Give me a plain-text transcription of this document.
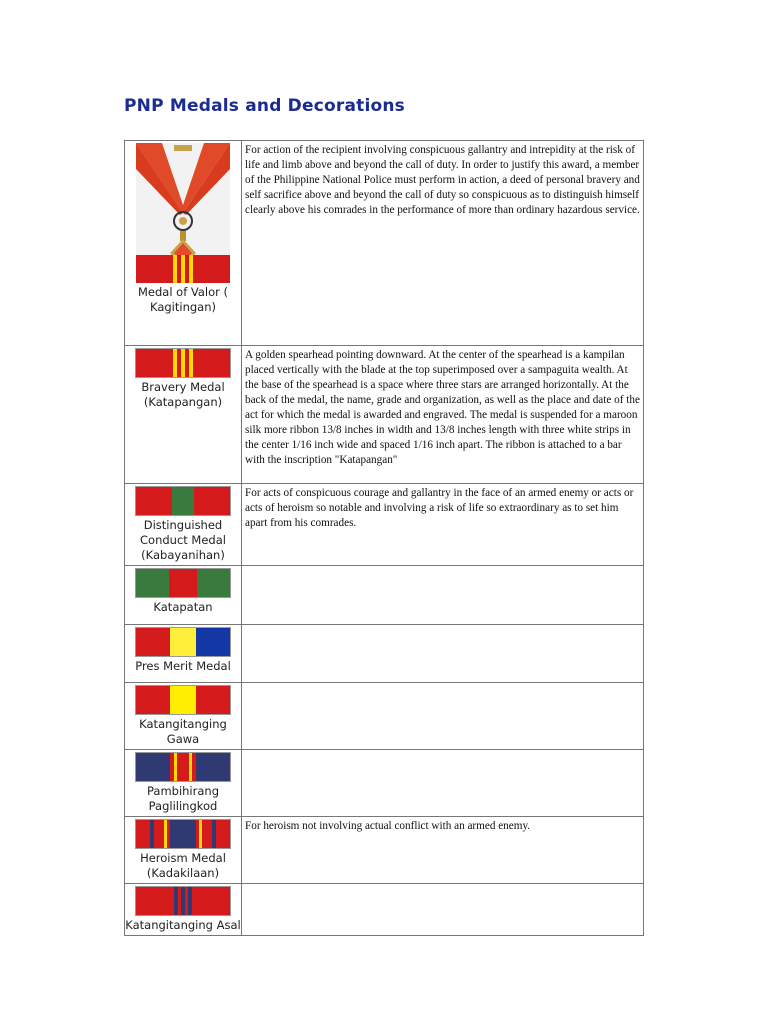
PNP Medals and Decorations
Medal of Valor ( Kagitingan)	For action of the recipient involving conspicuous gallantry and intrepidity at the risk of life and limb above and beyond the call of duty. In order to justify this award, a member of the Philippine National Police must perform in action, a deed of personal bravery and self sacrifice above and beyond the call of duty so conspicuous as to distinguish himself clearly above his comrades in the performance of more than ordinary hazardous service.

Bravery Medal (Katapangan)	A golden spearhead pointing downward. At the center of the spearhead is a kampilan placed vertically with the blade at the top superimposed over a sampaguita wealth. At the base of the spearhead is a space where three stars are arranged horizontally. At the back of the medal, the name, grade and organization, as well as the place and date of the act for which the medal is awarded and engraved. The medal is suspended for a maroon silk more ribbon 13/8 inches in width and 13/8 inches length with three white strips in the center 1/16 inch wide and spaced 1/16 inch apart. The ribbon is attached to a bar with the inscription "Katapangan"

Distinguished Conduct Medal (Kabayanihan)	For acts of conspicuous courage and gallantry in the face of an armed enemy or acts or acts of heroism so notable and involving a risk of life so extraordinary as to set him apart from his comrades.

Katapatan	

Pres Merit Medal	

Katangitanging Gawa	

Pambihirang Paglilingkod	

Heroism Medal (Kadakilaan)	For heroism not involving actual conflict with an armed enemy.

Katangitanging Asal	
